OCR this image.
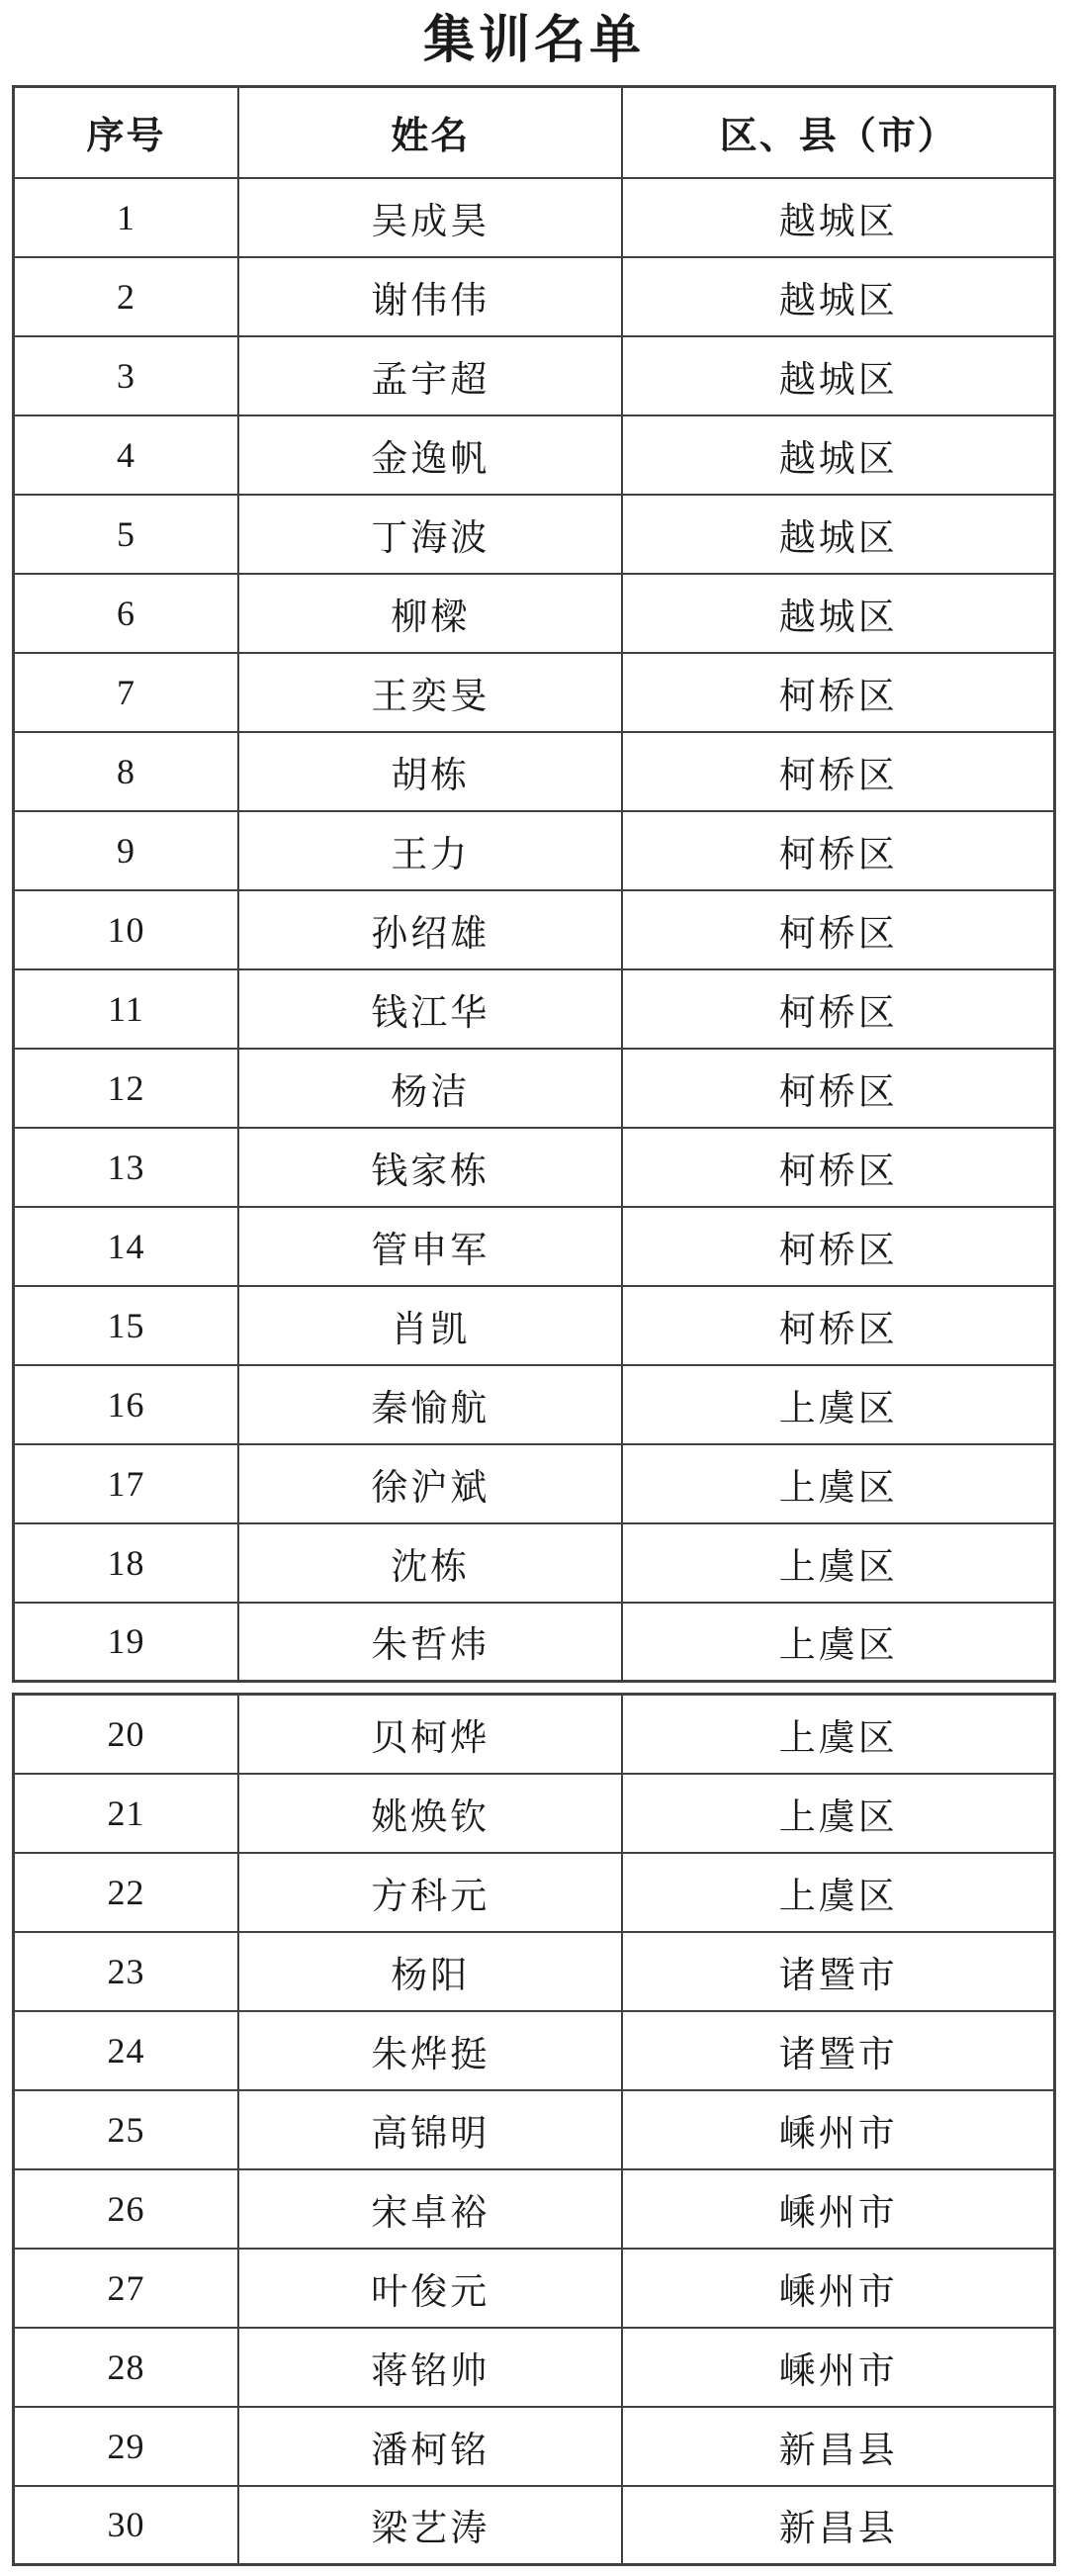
集训名单
序号	姓名	区、县（市）
1	吴成昊	越城区
2	谢伟伟	越城区
3	孟宇超	越城区
4	金逸帆	越城区
5	丁海波	越城区
6	柳樑	越城区
7	王奕旻	柯桥区
8	胡栋	柯桥区
9	王力	柯桥区
10	孙绍雄	柯桥区
11	钱江华	柯桥区
12	杨洁	柯桥区
13	钱家栋	柯桥区
14	管申军	柯桥区
15	肖凯	柯桥区
16	秦愉航	上虞区
17	徐沪斌	上虞区
18	沈栋	上虞区
19	朱哲炜	上虞区
20	贝柯烨	上虞区
21	姚焕钦	上虞区
22	方科元	上虞区
23	杨阳	诸暨市
24	朱烨挺	诸暨市
25	高锦明	嵊州市
26	宋卓裕	嵊州市
27	叶俊元	嵊州市
28	蒋铭帅	嵊州市
29	潘柯铭	新昌县
30	梁艺涛	新昌县
